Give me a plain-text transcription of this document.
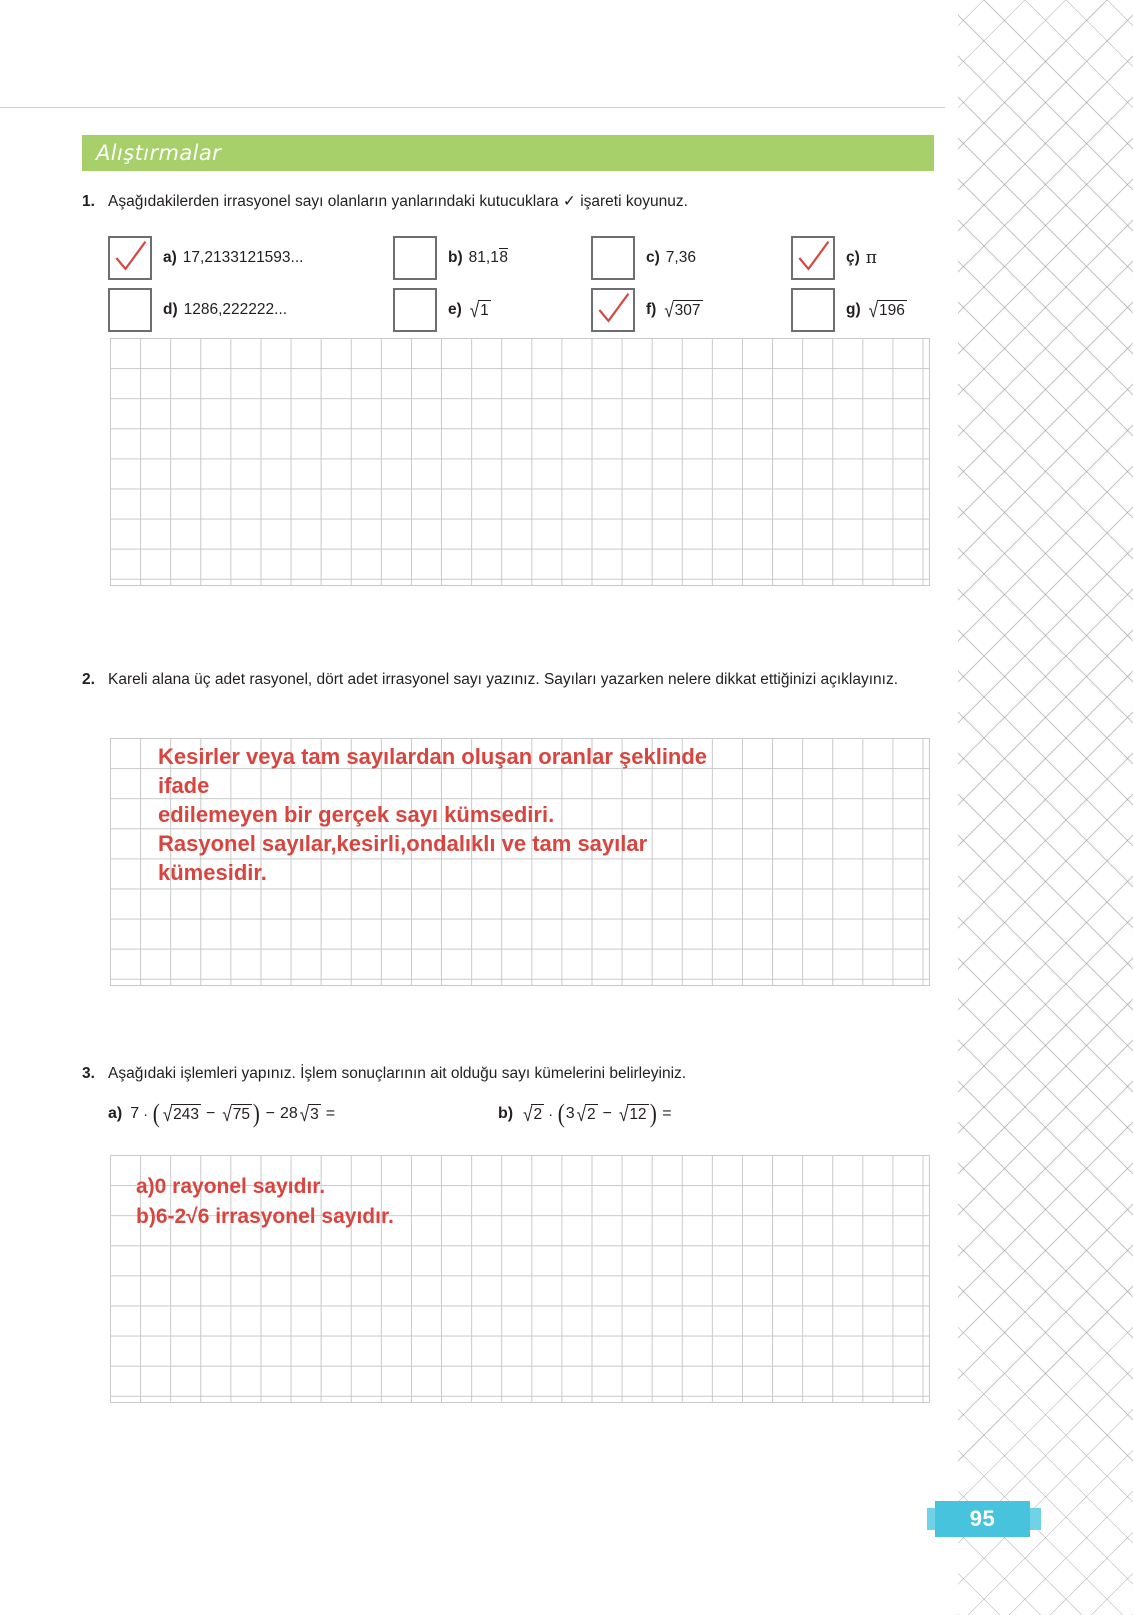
Alıştırmalar
1. Aşağıdakilerden irrasyonel sayı olanların yanlarındaki kutucuklara ✓ işareti koyunuz.
a) 17,2133121593...	b) 81,18	c) 7,36	ç) π
d) 1286,222222...	e) √ 1	f) √ 307	g) √ 196
2. Kareli alana üç adet rasyonel, dört adet irrasyonel sayı yazınız. Sayıları yazarken nelere dikkat ettiğinizi açıklayınız.
Kesirler veya tam sayılardan oluşan oranlar şeklinde
ifade
edilemeyen bir gerçek sayı kümsediri.
Rasyonel sayılar,kesirli,ondalıklı ve tam sayılar
kümesidir.
3. Aşağıdaki işlemleri yapınız. İşlem sonuçlarının ait olduğu sayı kümelerini belirleyiniz.
a) 7 · ( √ 243 − √ 75 ) − 28 √ 3 =	b) √ 2 · ( 3 √ 2 − √ 12 ) =
a)0 rayonel sayıdır.
b)6-2√6 irrasyonel sayıdır.
95
